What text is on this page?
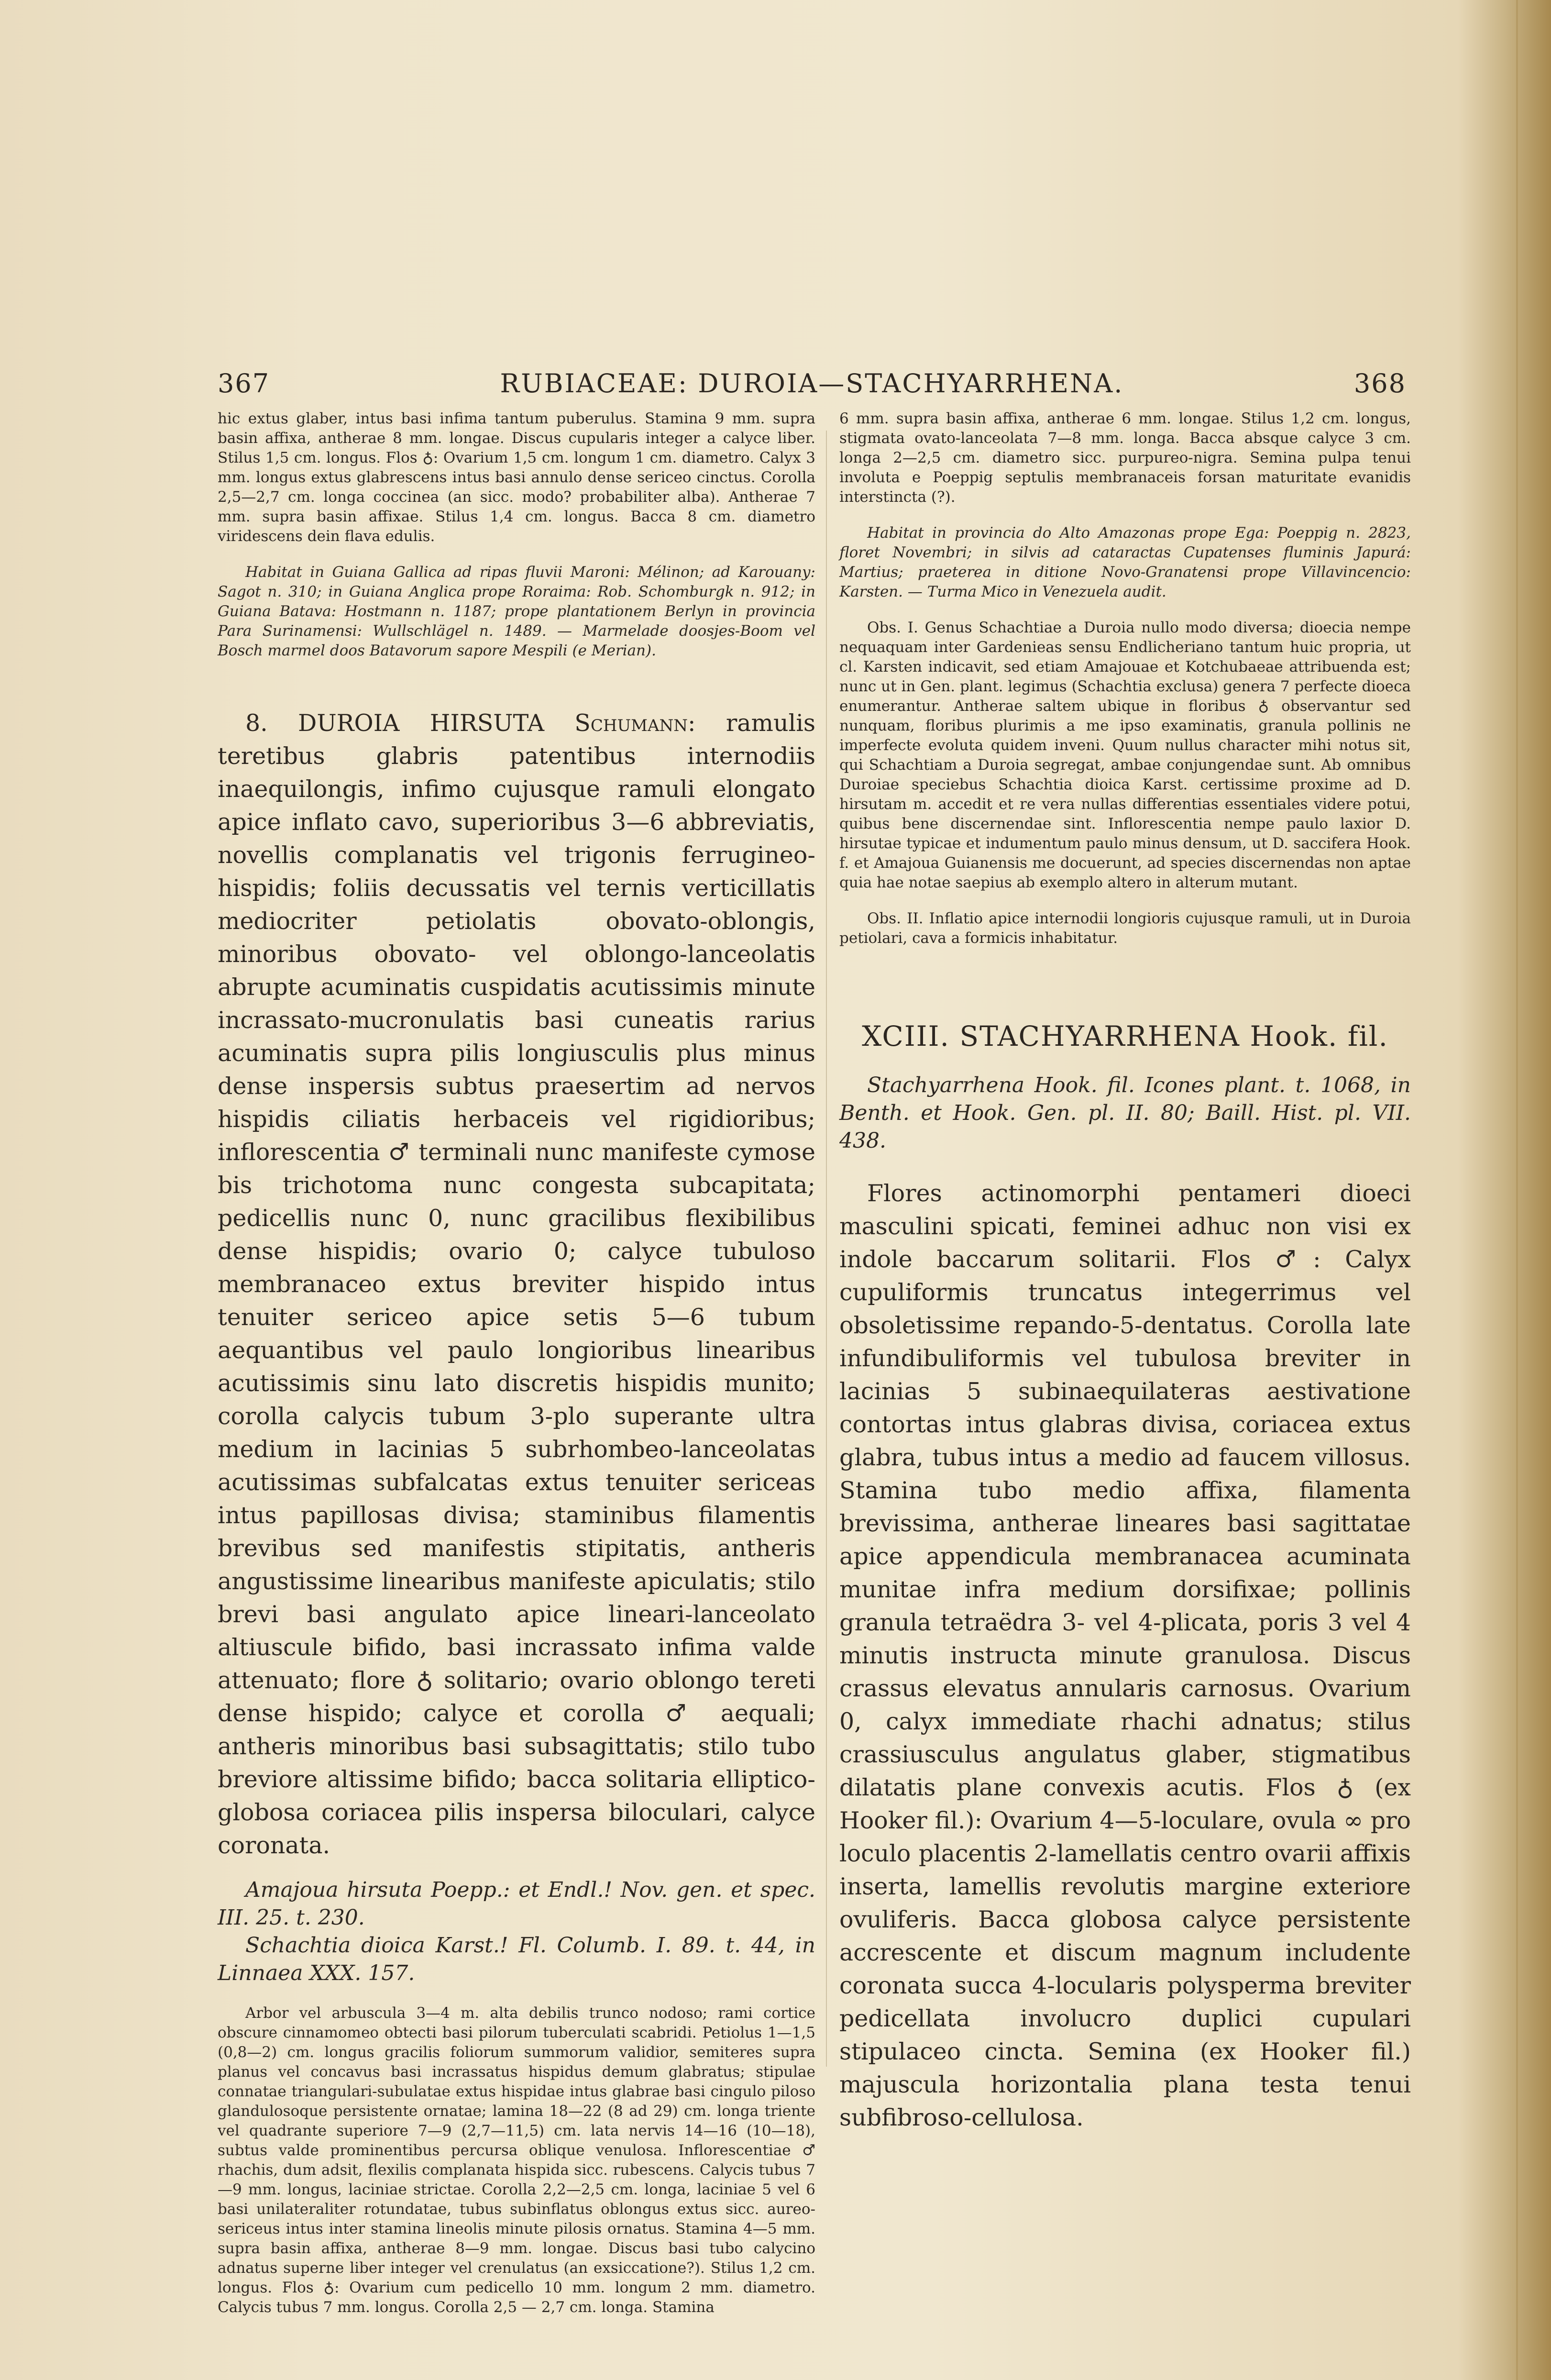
367	RUBIACEAE: DUROIA—STACHYARRHENA.	368

hic extus glaber, intus basi infima tantum puberulus. Stamina 9 mm. supra basin affixa, antherae 8 mm. longae. Discus cupularis integer a calyce liber. Stilus 1,5 cm. longus. Flos ♁: Ovarium 1,5 cm. longum 1 cm. diametro. Calyx 3 mm. longus extus glabrescens intus basi annulo dense sericeo cinctus. Corolla 2,5—2,7 cm. longa coccinea (an sicc. modo? probabiliter alba). Antherae 7 mm. supra basin affixae. Stilus 1,4 cm. longus. Bacca 8 cm. diametro viridescens dein flava edulis.

Habitat in Guiana Gallica ad ripas fluvii Maroni: Mélinon; ad Karouany: Sagot n. 310; in Guiana Anglica prope Roraima: Rob. Schomburgk n. 912; in Guiana Batava: Hostmann n. 1187; prope plantationem Berlyn in provincia Para Surinamensi: Wullschlägel n. 1489. — Marmelade doosjes-Boom vel Bosch marmel doos Batavorum sapore Mespili (e Merian).

8. DUROIA HIRSUTA Schumann: ramulis teretibus glabris patentibus internodiis inaequilongis, infimo cujusque ramuli elongato apice inflato cavo, superioribus 3—6 abbreviatis, novellis complanatis vel trigonis ferrugineo-hispidis; foliis decussatis vel ternis verticillatis mediocriter petiolatis obovato-oblongis, minoribus obovato- vel oblongo-lanceolatis abrupte acuminatis cuspidatis acutissimis minute incrassato-mucronulatis basi cuneatis rarius acuminatis supra pilis longiusculis plus minus dense inspersis subtus praesertim ad nervos hispidis ciliatis herbaceis vel rigidioribus; inflorescentia ♂ terminali nunc manifeste cymose bis trichotoma nunc congesta subcapitata; pedicellis nunc 0, nunc gracilibus flexibilibus dense hispidis; ovario 0; calyce tubuloso membranaceo extus breviter hispido intus tenuiter sericeo apice setis 5—6 tubum aequantibus vel paulo longioribus linearibus acutissimis sinu lato discretis hispidis munito; corolla calycis tubum 3-plo superante ultra medium in lacinias 5 subrhombeo-lanceolatas acutissimas subfalcatas extus tenuiter sericeas intus papillosas divisa; staminibus filamentis brevibus sed manifestis stipitatis, antheris angustissime linearibus manifeste apiculatis; stilo brevi basi angulato apice lineari-lanceolato altiuscule bifido, basi incrassato infima valde attenuato; flore ♁ solitario; ovario oblongo tereti dense hispido; calyce et corolla ♂ aequali; antheris minoribus basi subsagittatis; stilo tubo breviore altissime bifido; bacca solitaria elliptico-globosa coriacea pilis inspersa biloculari, calyce coronata.

Amajoua hirsuta Poepp.: et Endl.! Nov. gen. et spec. III. 25. t. 230.

Schachtia dioica Karst.! Fl. Columb. I. 89. t. 44, in Linnaea XXX. 157.

Arbor vel arbuscula 3—4 m. alta debilis trunco nodoso; rami cortice obscure cinnamomeo obtecti basi pilorum tuberculati scabridi. Petiolus 1—1,5 (0,8—2) cm. longus gracilis foliorum summorum validior, semiteres supra planus vel concavus basi incrassatus hispidus demum glabratus; stipulae connatae triangulari-subulatae extus hispidae intus glabrae basi cingulo piloso glandulosoque persistente ornatae; lamina 18—22 (8 ad 29) cm. longa triente vel quadrante superiore 7—9 (2,7—11,5) cm. lata nervis 14—16 (10—18), subtus valde prominentibus percursa oblique venulosa. Inflorescentiae ♂ rhachis, dum adsit, flexilis complanata hispida sicc. rubescens. Calycis tubus 7—9 mm. longus, laciniae strictae. Corolla 2,2—2,5 cm. longa, laciniae 5 vel 6 basi unilateraliter rotundatae, tubus subinflatus oblongus extus sicc. aureo-sericeus intus inter stamina lineolis minute pilosis ornatus. Stamina 4—5 mm. supra basin affixa, antherae 8—9 mm. longae. Discus basi tubo calycino adnatus superne liber integer vel crenulatus (an exsiccatione?). Stilus 1,2 cm. longus. Flos ♁: Ovarium cum pedicello 10 mm. longum 2 mm. diametro. Calycis tubus 7 mm. longus. Corolla 2,5 — 2,7 cm. longa. Stamina

6 mm. supra basin affixa, antherae 6 mm. longae. Stilus 1,2 cm. longus, stigmata ovato-lanceolata 7—8 mm. longa. Bacca absque calyce 3 cm. longa 2—2,5 cm. diametro sicc. purpureo-nigra. Semina pulpa tenui involuta e Poeppig septulis membranaceis forsan maturitate evanidis interstincta (?).

Habitat in provincia do Alto Amazonas prope Ega: Poeppig n. 2823, floret Novembri; in silvis ad cataractas Cupatenses fluminis Japurá: Martius; praeterea in ditione Novo-Granatensi prope Villavincencio: Karsten. — Turma Mico in Venezuela audit.

Obs. I. Genus Schachtiae a Duroia nullo modo diversa; dioecia nempe nequaquam inter Gardenieas sensu Endlicheriano tantum huic propria, ut cl. Karsten indicavit, sed etiam Amajouae et Kotchubaeae attribuenda est; nunc ut in Gen. plant. legimus (Schachtia exclusa) genera 7 perfecte dioeca enumerantur. Antherae saltem ubique in floribus ♁ observantur sed nunquam, floribus plurimis a me ipso examinatis, granula pollinis ne imperfecte evoluta quidem inveni. Quum nullus character mihi notus sit, qui Schachtiam a Duroia segregat, ambae conjungendae sunt. Ab omnibus Duroiae speciebus Schachtia dioica Karst. certissime proxime ad D. hirsutam m. accedit et re vera nullas differentias essentiales videre potui, quibus bene discernendae sint. Inflorescentia nempe paulo laxior D. hirsutae typicae et indumentum paulo minus densum, ut D. saccifera Hook. f. et Amajoua Guianensis me docuerunt, ad species discernendas non aptae quia hae notae saepius ab exemplo altero in alterum mutant.

Obs. II. Inflatio apice internodii longioris cujusque ramuli, ut in Duroia petiolari, cava a formicis inhabitatur.

XCIII. STACHYARRHENA Hook. fil.

Stachyarrhena Hook. fil. Icones plant. t. 1068, in Benth. et Hook. Gen. pl. II. 80; Baill. Hist. pl. VII. 438.

Flores actinomorphi pentameri dioeci masculini spicati, feminei adhuc non visi ex indole baccarum solitarii. Flos ♂: Calyx cupuliformis truncatus integerrimus vel obsoletissime repando-5-dentatus. Corolla late infundibuliformis vel tubulosa breviter in lacinias 5 subinaequilateras aestivatione contortas intus glabras divisa, coriacea extus glabra, tubus intus a medio ad faucem villosus. Stamina tubo medio affixa, filamenta brevissima, antherae lineares basi sagittatae apice appendicula membranacea acuminata munitae infra medium dorsifixae; pollinis granula tetraëdra 3- vel 4-plicata, poris 3 vel 4 minutis instructa minute granulosa. Discus crassus elevatus annularis carnosus. Ovarium 0, calyx immediate rhachi adnatus; stilus crassiusculus angulatus glaber, stigmatibus dilatatis plane convexis acutis. Flos ♁ (ex Hooker fil.): Ovarium 4—5-loculare, ovula ∞ pro loculo placentis 2-lamellatis centro ovarii affixis inserta, lamellis revolutis margine exteriore ovuliferis. Bacca globosa calyce persistente accrescente et discum magnum includente coronata succa 4-locularis polysperma breviter pedicellata involucro duplici cupulari stipulaceo cincta. Semina (ex Hooker fil.) majuscula horizontalia plana testa tenui subfibroso-cellulosa.
